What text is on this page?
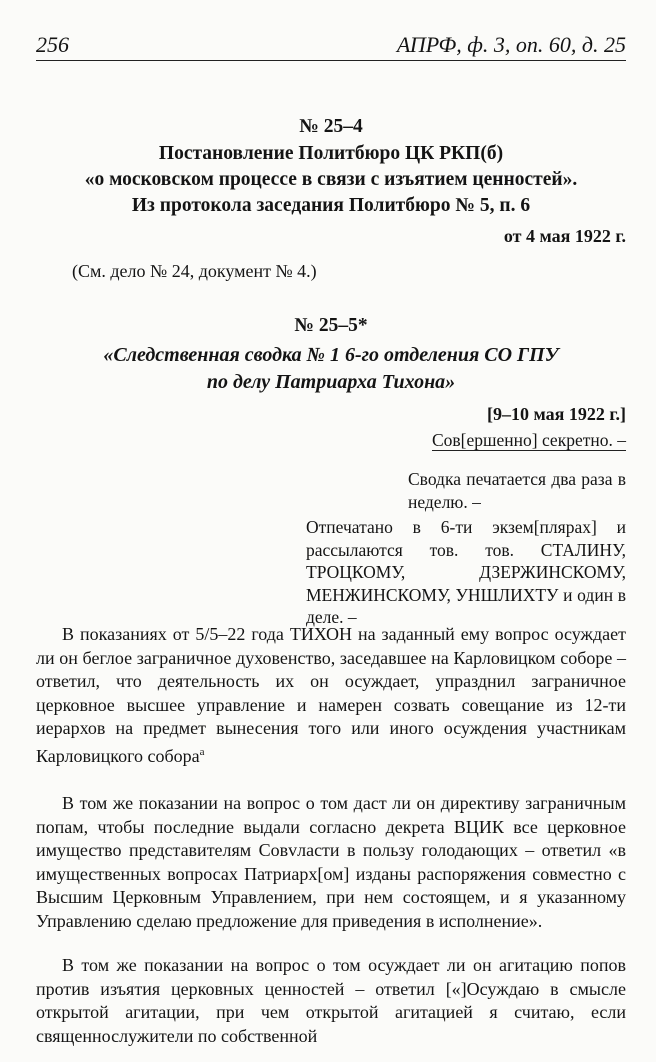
256	АПРФ, ф. 3, оп. 60, д. 25
№ 25–4
Постановление Политбюро ЦК РКП(б)
«о московском процессе в связи с изъятием ценностей».
Из протокола заседания Политбюро № 5, п. 6
от 4 мая 1922 г.
(См. дело № 24, документ № 4.)
№ 25–5*
«Следственная сводка № 1 6-го отделения СО ГПУ
по делу Патриарха Тихона»
[9–10 мая 1922 г.]
Сов[ершенно] секретно. –
Сводка печатается два раза в неделю. –
Отпечатано в 6-ти экзем[плярах] и рассылаются тов. тов. СТАЛИНУ, ТРОЦКОМУ, ДЗЕРЖИНСКОМУ, МЕНЖИНСКОМУ, УНШЛИХТУ и один в деле. –
В показаниях от 5/5–22 года ТИХОН на заданный ему вопрос осуждает ли он беглое заграничное духовенство, заседавшее на Карловицком соборе – ответил, что деятельность их он осуждает, упразднил заграничное церковное высшее управление и намерен созвать совещание из 12-ти иерархов на предмет вынесения того или иного осуждения участникам Карловицкого собора$^а$
В том же показании на вопрос о том даст ли он директиву заграничным попам, чтобы последние выдали согласно декрета ВЦИК все церковное имущество представителям Совvласти в пользу голодающих – ответил «в имущественных вопросах Патриарх[ом] изданы распоряжения совместно с Высшим Церковным Управлением, при нем состоящем, и я указанному Управлению сделаю предложение для приведения в исполнение».
В том же показании на вопрос о том осуждает ли он агитацию попов против изъятия церковных ценностей – ответил [«]Осуждаю в смысле открытой агитации, при чем открытой агитацией я считаю, если священнослужители по собственной
